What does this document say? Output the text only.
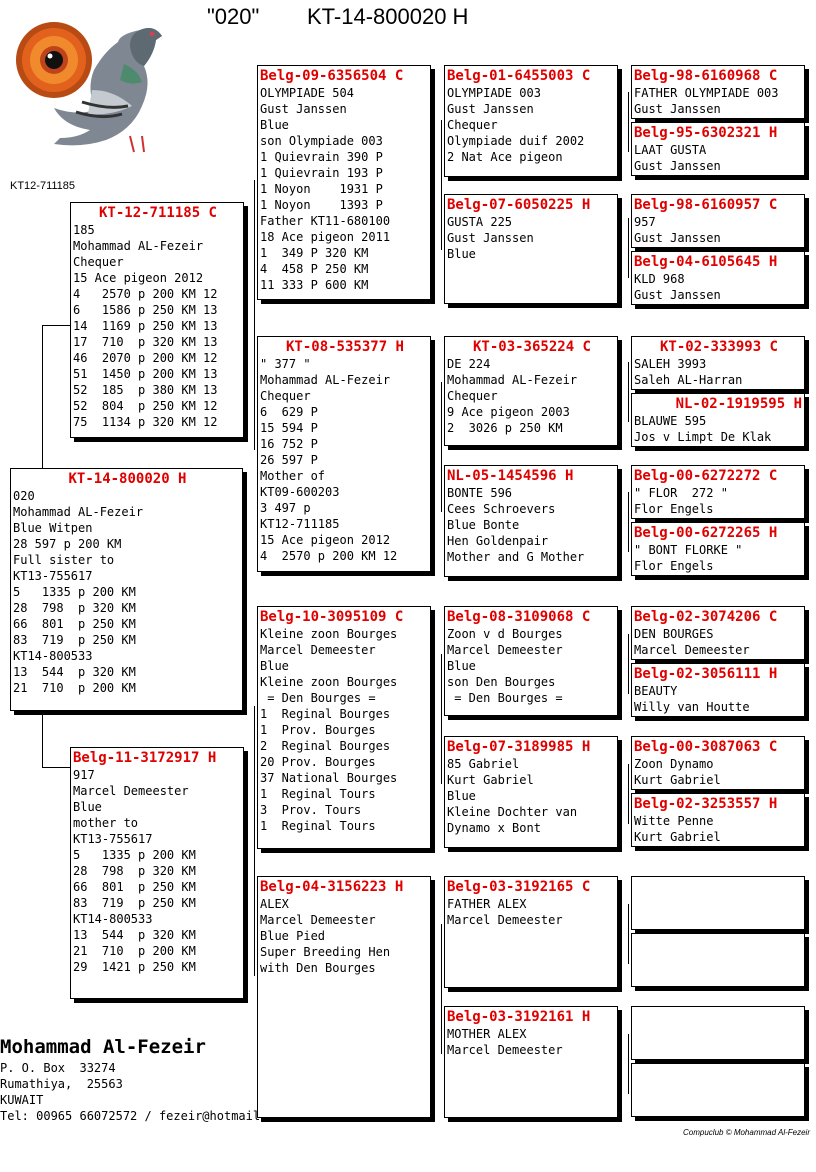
"020" KT-14-800020 H
KT12-711185
KT-14-800020 H
020
Mohammad AL-Fezeir
Blue Witpen
28 597 p 200 KM
Full sister to
KT13-755617
5   1335 p 200 KM
28  798  p 320 KM
66  801  p 250 KM
83  719  p 250 KM
KT14-800533
13  544  p 320 KM
21  710  p 200 KM
KT-12-711185 C
185
Mohammad AL-Fezeir
Chequer
15 Ace pigeon 2012
4   2570 p 200 KM 12
6   1586 p 250 KM 13
14  1169 p 250 KM 13
17  710  p 320 KM 13
46  2070 p 200 KM 12
51  1450 p 200 KM 13
52  185  p 380 KM 13
52  804  p 250 KM 12
75  1134 p 320 KM 12
Belg-11-3172917 H
917
Marcel Demeester
Blue
mother to
KT13-755617
5   1335 p 200 KM
28  798  p 320 KM
66  801  p 250 KM
83  719  p 250 KM
KT14-800533
13  544  p 320 KM
21  710  p 200 KM
29  1421 p 250 KM
Belg-09-6356504 C
OLYMPIADE 504
Gust Janssen
Blue
son Olympiade 003
1 Quievrain 390 P
1 Quievrain 193 P
1 Noyon    1931 P
1 Noyon    1393 P
Father KT11-680100
18 Ace pigeon 2011
1  349 P 320 KM
4  458 P 250 KM
11 333 P 600 KM
KT-08-535377 H
" 377 "
Mohammad AL-Fezeir
Chequer
6  629 P
15 594 P
16 752 P
26 597 P
Mother of
KT09-600203
3 497 p
KT12-711185
15 Ace pigeon 2012
4  2570 p 200 KM 12
Belg-10-3095109 C
Kleine zoon Bourges
Marcel Demeester
Blue
Kleine zoon Bourges
= Den Bourges =
1  Reginal Bourges
1  Prov. Bourges
2  Reginal Bourges
20 Prov. Bourges
37 National Bourges
1  Reginal Tours
3  Prov. Tours
1  Reginal Tours
Belg-04-3156223 H
ALEX
Marcel Demeester
Blue Pied
Super Breeding Hen
with Den Bourges
Belg-01-6455003 C
OLYMPIADE 003
Gust Janssen
Chequer
Olympiade duif 2002
2 Nat Ace pigeon
Belg-07-6050225 H
GUSTA 225
Gust Janssen
Blue
KT-03-365224 C
DE 224
Mohammad AL-Fezeir
Chequer
9 Ace pigeon 2003
2  3026 p 250 KM
NL-05-1454596 H
BONTE 596
Cees Schroevers
Blue Bonte
Hen Goldenpair
Mother and G Mother
Belg-08-3109068 C
Zoon v d Bourges
Marcel Demeester
Blue
son Den Bourges
= Den Bourges =
Belg-07-3189985 H
85 Gabriel
Kurt Gabriel
Blue
Kleine Dochter van
Dynamo x Bont
Belg-03-3192165 C
FATHER ALEX
Marcel Demeester
Belg-03-3192161 H
MOTHER ALEX
Marcel Demeester
Belg-98-6160968 C
FATHER OLYMPIADE 003
Gust Janssen
Belg-95-6302321 H
LAAT GUSTA
Gust Janssen
Belg-98-6160957 C
957
Gust Janssen
Belg-04-6105645 H
KLD 968
Gust Janssen
KT-02-333993 C
SALEH 3993
Saleh AL-Harran
NL-02-1919595 H
BLAUWE 595
Jos v Limpt De Klak
Belg-00-6272272 C
" FLOR  272 "
Flor Engels
Belg-00-6272265 H
" BONT FLORKE "
Flor Engels
Belg-02-3074206 C
DEN BOURGES
Marcel Demeester
Belg-02-3056111 H
BEAUTY
Willy van Houtte
Belg-00-3087063 C
Zoon Dynamo
Kurt Gabriel
Belg-02-3253557 H
Witte Penne
Kurt Gabriel
Mohammad Al-Fezeir
P. O. Box  33274
Rumathiya,  25563
KUWAIT
Tel: 00965 66072572 / fezeir@hotmail.
Compuclub © Mohammad Al-Fezeir
